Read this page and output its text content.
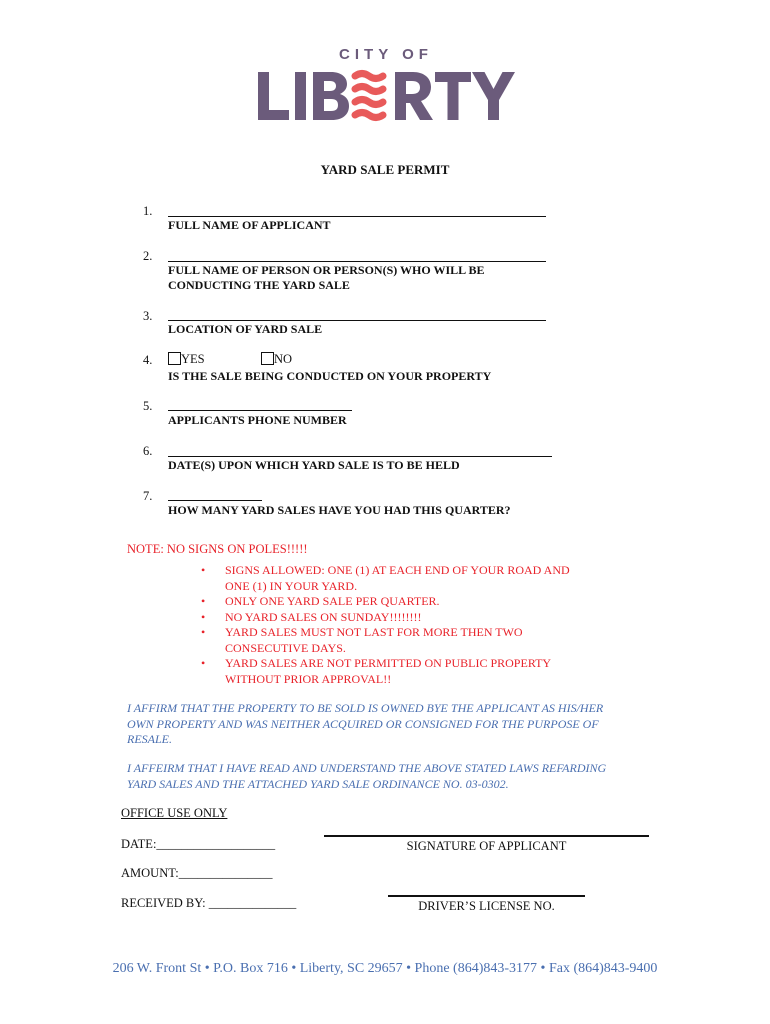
CITY OF
YARD SALE PERMIT
1.
FULL NAME OF APPLICANT
2.
FULL NAME OF PERSON OR PERSON(S) WHO WILL BE
CONDUCTING THE YARD SALE
3.
LOCATION OF YARD SALE
4.	YES	NO
IS THE SALE BEING CONDUCTED ON YOUR PROPERTY
5.
APPLICANTS PHONE NUMBER
6.
DATE(S) UPON WHICH YARD SALE IS TO BE HELD
7.
HOW MANY YARD SALES HAVE YOU HAD THIS QUARTER?
NOTE: NO SIGNS ON POLES!!!!!
• SIGNS ALLOWED: ONE (1) AT EACH END OF YOUR ROAD AND
ONE (1) IN YOUR YARD.
• ONLY ONE YARD SALE PER QUARTER.
• NO YARD SALES ON SUNDAY!!!!!!!!
• YARD SALES MUST NOT LAST FOR MORE THEN TWO
CONSECUTIVE DAYS.
• YARD SALES ARE NOT PERMITTED ON PUBLIC PROPERTY
WITHOUT PRIOR APPROVAL!!
I AFFIRM THAT THE PROPERTY TO BE SOLD IS OWNED BYE THE APPLICANT AS HIS/HER
OWN PROPERTY AND WAS NEITHER ACQUIRED OR CONSIGNED FOR THE PURPOSE OF
RESALE.
I AFFEIRM THAT I HAVE READ AND UNDERSTAND THE ABOVE STATED LAWS REFARDING
YARD SALES AND THE ATTACHED YARD SALE ORDINANCE NO. 03-0302.
OFFICE USE ONLY
DATE:___________________
AMOUNT:_______________
RECEIVED BY: ______________
SIGNATURE OF APPLICANT
DRIVER’S LICENSE NO.
206 W. Front St • P.O. Box 716 • Liberty, SC 29657 • Phone (864)843-3177 • Fax (864)843-9400
